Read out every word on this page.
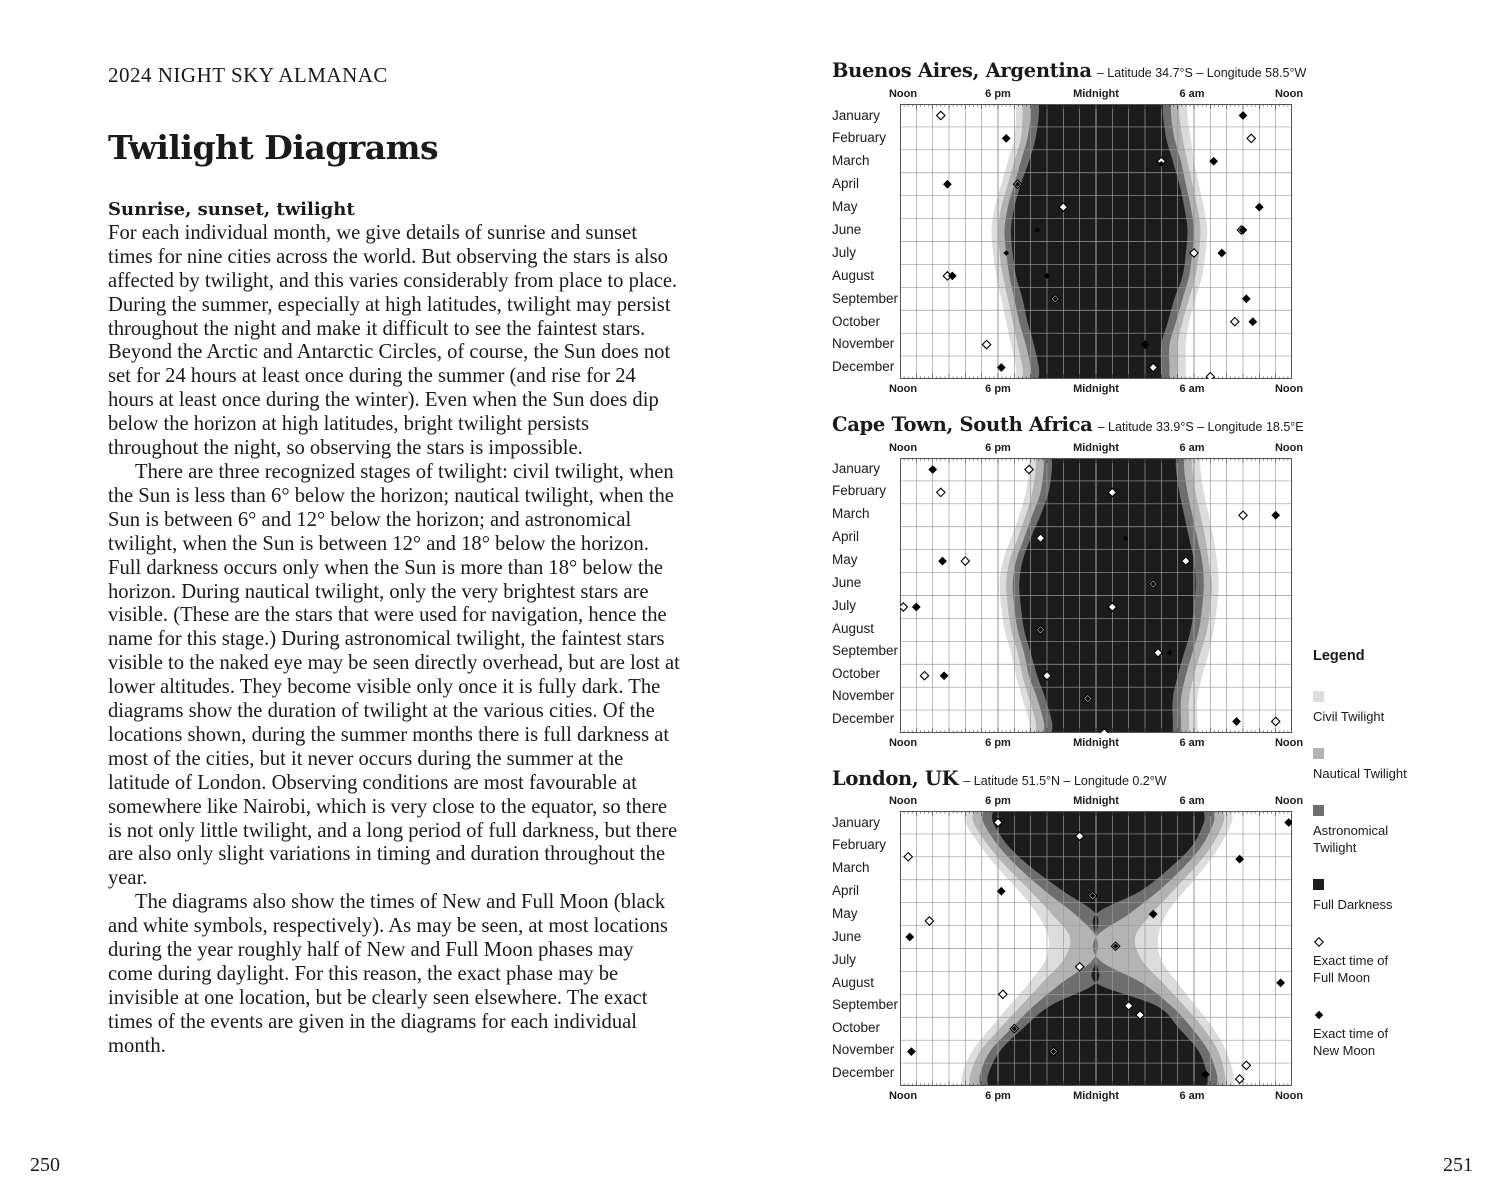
2024 NIGHT SKY ALMANAC
Twilight Diagrams
Sunrise, sunset, twilight

For each individual month, we give details of sunrise and sunset times for nine cities across the world. But observing the stars is also affected by twilight, and this varies considerably from place to place. During the summer, especially at high latitudes, twilight may persist throughout the night and make it difficult to see the faintest stars. Beyond the Arctic and Antarctic Circles, of course, the Sun does not set for 24 hours at least once during the summer (and rise for 24 hours at least once during the winter). Even when the Sun does dip below the horizon at high latitudes, bright twilight persists throughout the night, so observing the stars is impossible.

There are three recognized stages of twilight: civil twilight, when the Sun is less than 6° below the horizon; nautical twilight, when the Sun is between 6° and 12° below the horizon; and astronomical twilight, when the Sun is between 12° and 18° below the horizon. Full darkness occurs only when the Sun is more than 18° below the horizon. During nautical twilight, only the very brightest stars are visible. (These are the stars that were used for navigation, hence the name for this stage.) During astronomical twilight, the faintest stars visible to the naked eye may be seen directly overhead, but are lost at lower altitudes. They become visible only once it is fully dark. The diagrams show the duration of twilight at the various cities. Of the locations shown, during the summer months there is full darkness at most of the cities, but it never occurs during the summer at the latitude of London. Observing conditions are most favourable at somewhere like Nairobi, which is very close to the equator, so there is not only little twilight, and a long period of full darkness, but there are also only slight variations in timing and duration throughout the year.

The diagrams also show the times of New and Full Moon (black and white symbols, respectively). As may be seen, at most locations during the year roughly half of New and Full Moon phases may come during daylight. For this reason, the exact phase may be invisible at one location, but be clearly seen elsewhere. The exact times of the events are given in the diagrams for each individual month.

250	251
Buenos Aires, Argentina – Latitude 34.7°S – Longitude 58.5°W
Cape Town, South Africa – Latitude 33.9°S – Longitude 18.5°E
London, UK – Latitude 51.5°N – Longitude 0.2°W
January
February
March
April
May
June
July
August
September
October
November
December
Noon	6 pm	Midnight	6 am	Noon
Noon	6 pm	Midnight	6 am	Noon
January
February
March
April
May
June
July
August
September
October
November
December
Noon	6 pm	Midnight	6 am	Noon
Noon	6 pm	Midnight	6 am	Noon
January
February
March
April
May
June
July
August
September
October
November
December
Noon	6 pm	Midnight	6 am	Noon
Noon	6 pm	Midnight	6 am	Noon
Legend
Civil Twilight
Nautical Twilight
Astronomical Twilight
Full Darkness
Exact time of Full Moon
Exact time of New Moon
